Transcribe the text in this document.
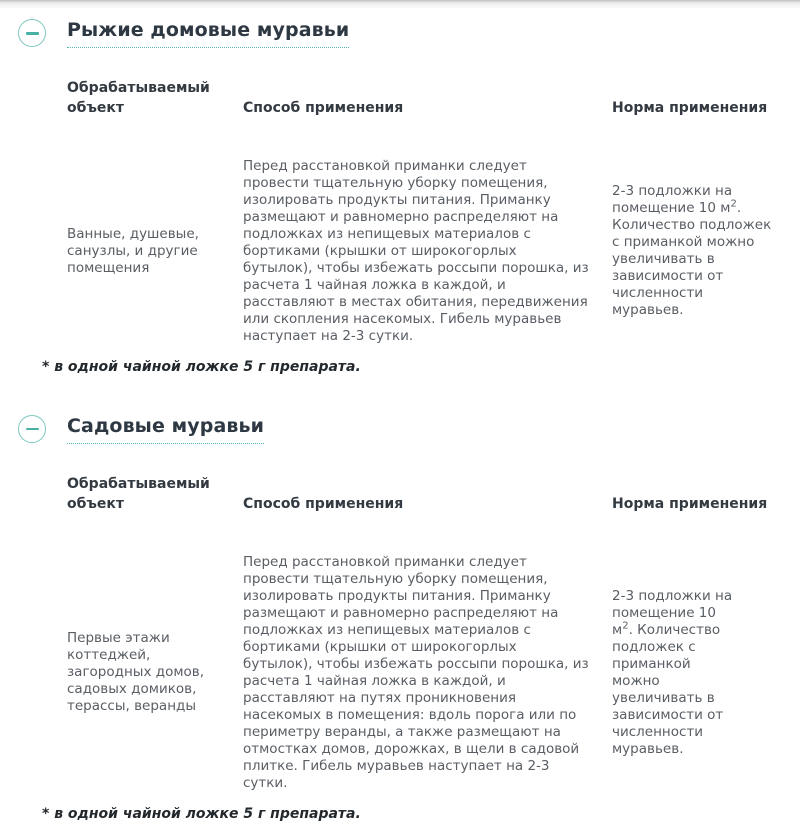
Рыжие домовые муравьи
Обрабатываемый объект	Способ применения	Норма применения

Ванные, душевые, санузлы, и другие помещения	Перед расстановкой приманки следует провести тщательную уборку помещения, изолировать продукты питания. Приманку размещают и равномерно распределяют на подложках из непищевых материалов с бортиками (крышки от широкогорлых бутылок), чтобы избежать россыпи порошка, из расчета 1 чайная ложка в каждой, и расставляют в местах обитания, передвижения или скопления насекомых. Гибель муравьев наступает на 2-3 сутки.	2-3 подложки на помещение 10 $м^2$. Количество подложек с приманкой можно увеличивать в зависимости от численности муравьев.

* в одной чайной ложке 5 г препарата.

Садовые муравьи
Обрабатываемый объект	Способ применения	Норма применения

Первые этажи коттеджей, загородных домов, садовых домиков, терассы, веранды	Перед расстановкой приманки следует провести тщательную уборку помещения, изолировать продукты питания. Приманку размещают и равномерно распределяют на подложках из непищевых материалов с бортиками (крышки от широкогорлых бутылок), чтобы избежать россыпи порошка, из расчета 1 чайная ложка в каждой, и расставляют на путях проникновения насекомых в помещения: вдоль порога или по периметру веранды, а также размещают на отмостках домов, дорожках, в щели в садовой плитке. Гибель муравьев наступает на 2-3 сутки.	2-3 подложки на помещение 10 $м^2$. Количество подложек с приманкой можно увеличивать в зависимости от численности муравьев.

* в одной чайной ложке 5 г препарата.
